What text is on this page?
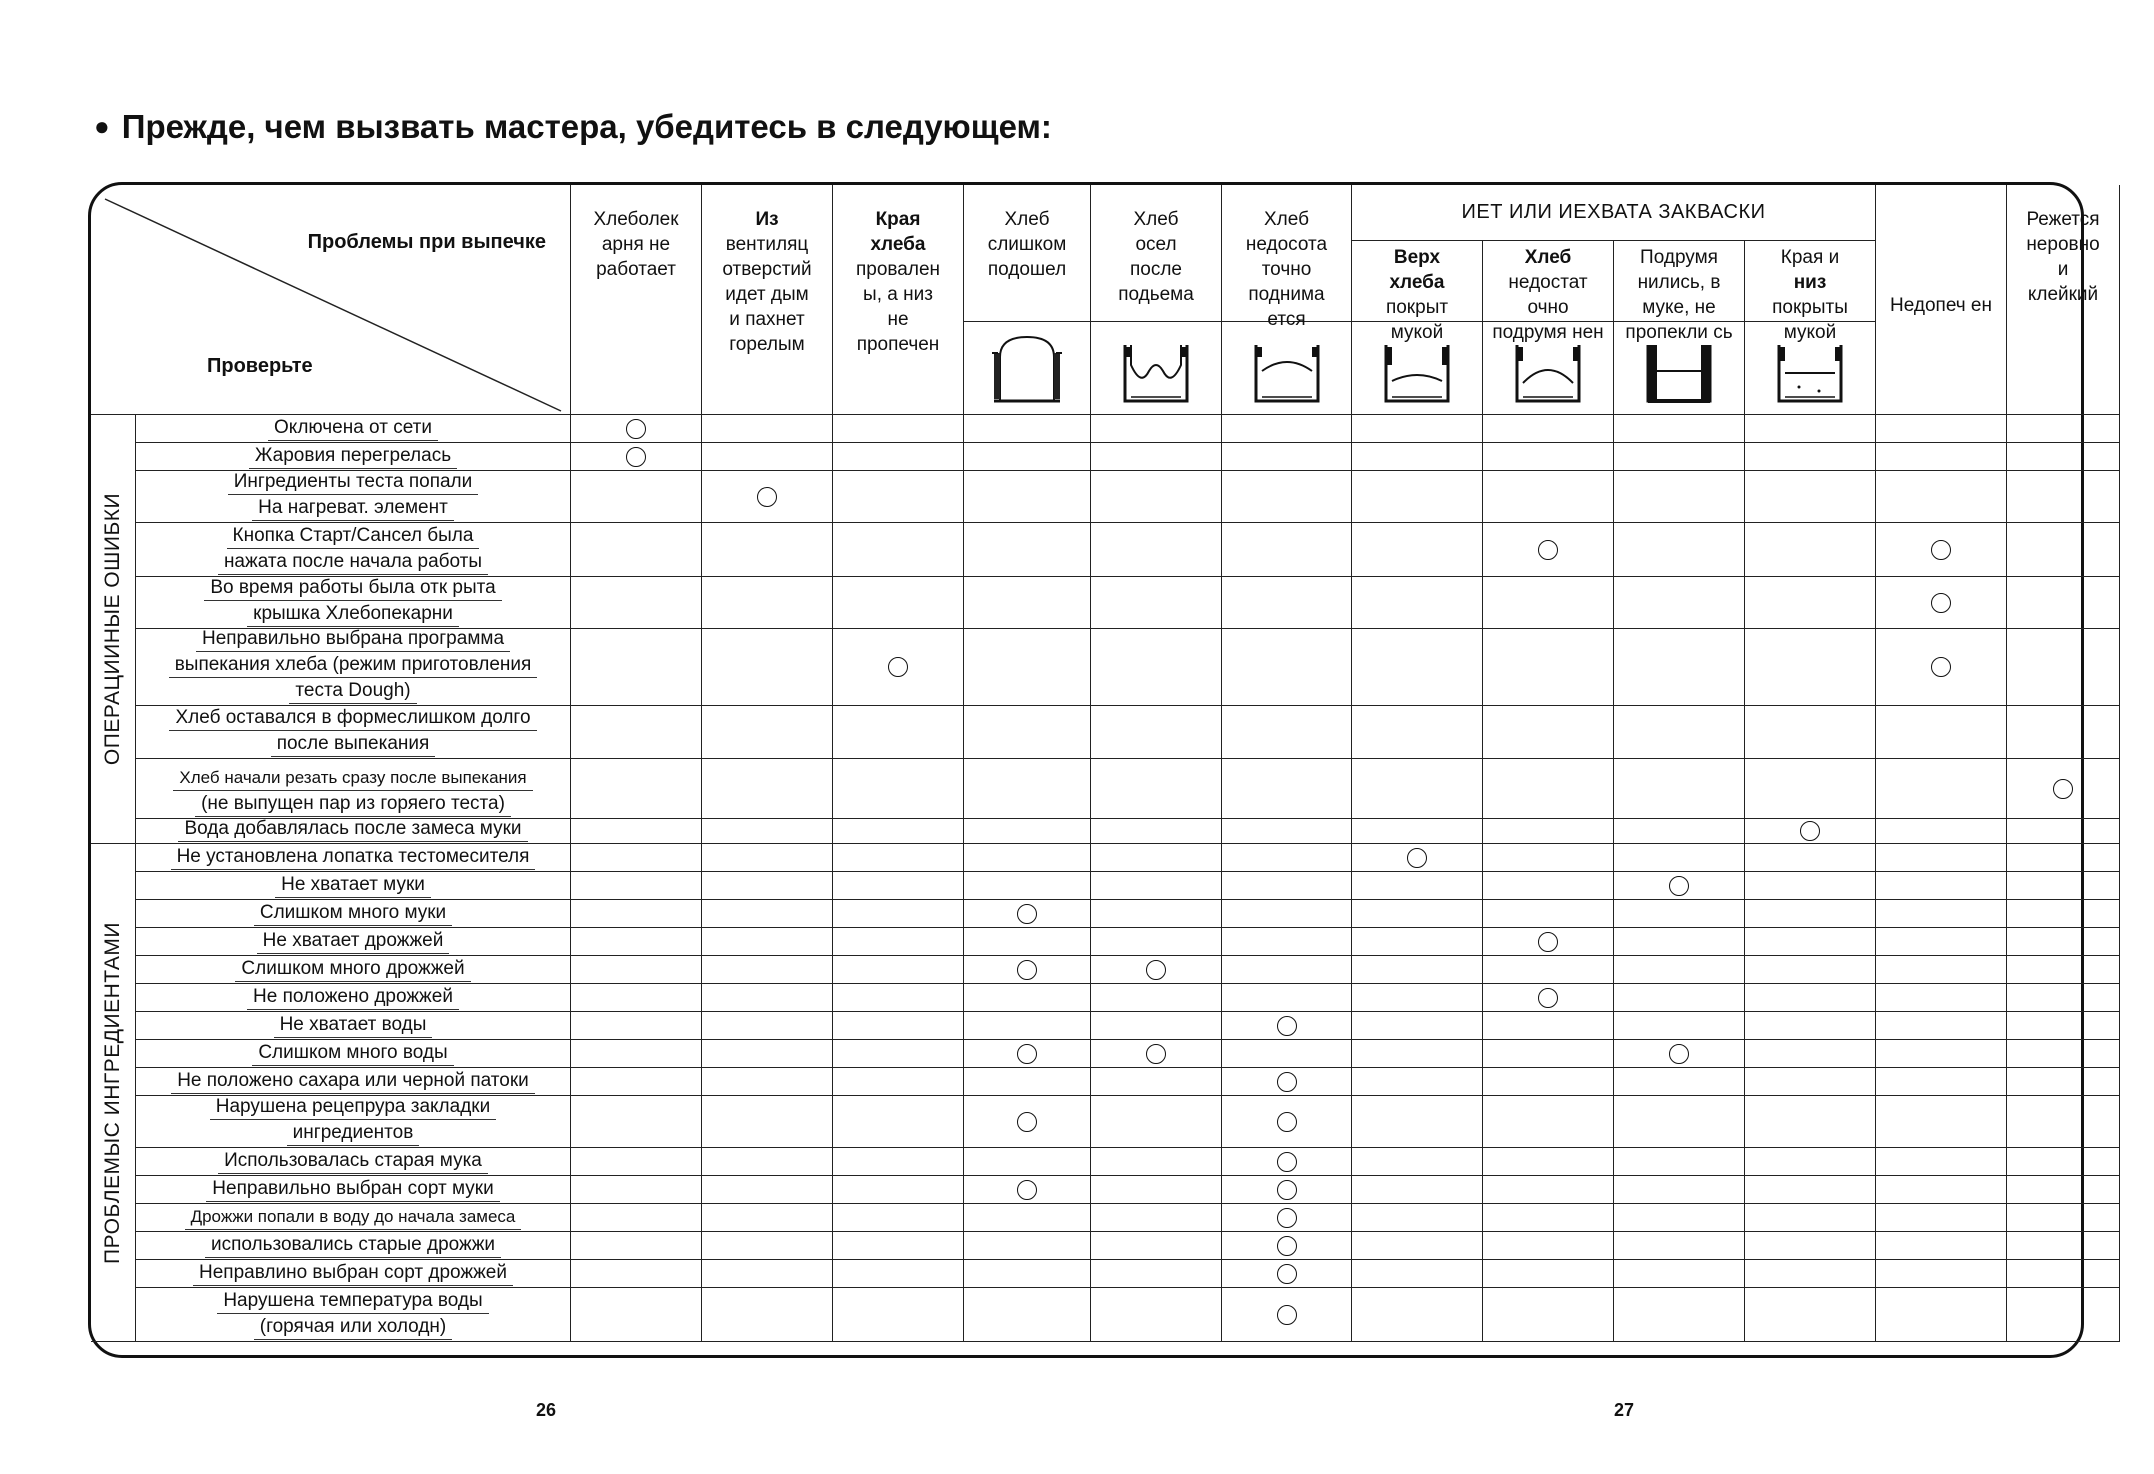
● Прежде, чем вызвать мастера, убедитесь в следующем:
ИЕТ ИЛИ ИЕХВАТА ЗАКВАСКИ
Проблемы при выпечке
Проверьте
Хлеболек
арня не
работает
Из
вентиляц
отверстий
идет дым
и пахнет
горелым
Края
хлеба
провален
ы, а низ
не
пропечен
Хлеб
слишком
подошел
Хлеб
осел
после
подьема
Хлеб
недосота
точно
поднима
ется
Верх
хлеба
покрыт
мукой
Хлеб
недостат
очно
подрумя нен
Подрумя
нились, в
муке, не
пропекли сь
Края и
низ
покрыты
мукой
Недопеч ен
Режется
неровно
и
клейкий
ОПЕРАЦИИНЫЕ ОШИБКИ
Оключена от сети
Жаровия перегрелась
Ингредиенты теста попали
На нагреват. элемент
Кнопка Старт/Сансел была
нажата после начала работы
Во время работы была отк рыта
крышка Хлебопекарни
Неправильно выбрана программа
выпекания хлеба (режим приготовления
теста Dough)
Хлеб оставался в формеслишком долго
после выпекания
Хлеб начали резать сразу после выпекания
(не выпущен пар из горяего теста)
Вода добавлялась после замеса муки
ПРОБЛЕМЫС ИНГРЕДИЕНТАМИ
Не установлена лопатка тестомесителя
Не хватает муки
Слишком много муки
Не хватает дрожжей
Слишком много дрожжей
Не положено дрожжей
Не хватает воды
Слишком много воды
Не положено сахара или черной патоки
Нарушена рецепрура закладки
ингредиентов
Использовалась старая мука
Неправильно выбран сорт муки
Дрожжи попали в воду до начала замеса
использовались старые дрожжи
Неправлино выбран сорт дрожжей
Нарушена температура воды
(горячая или холодн)
26	27
